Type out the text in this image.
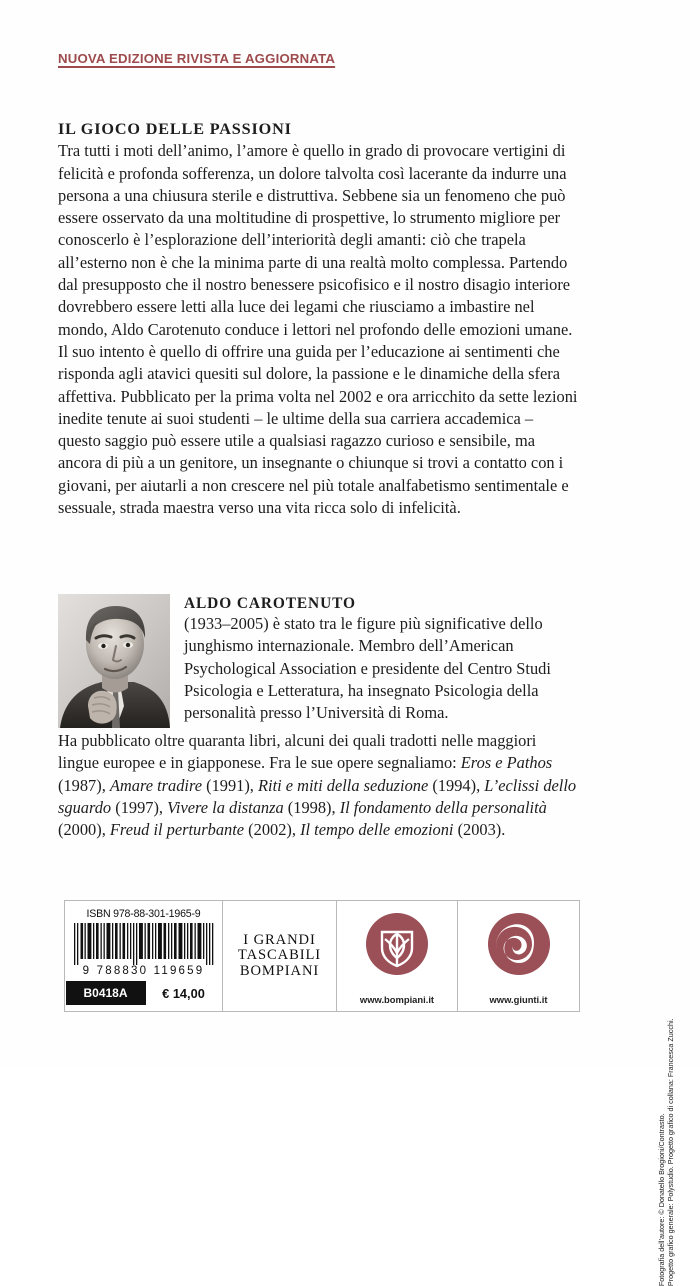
NUOVA EDIZIONE RIVISTA E AGGIORNATA
IL GIOCO DELLE PASSIONI
Tra tutti i moti dell’animo, l’amore è quello in grado di provocare vertigini di felicità e profonda sofferenza, un dolore talvolta così lacerante da indurre una persona a una chiusura sterile e distruttiva. Sebbene sia un fenomeno che può essere osservato da una moltitudine di prospettive, lo strumento migliore per conoscerlo è l’esplorazione dell’interiorità degli amanti: ciò che trapela all’esterno non è che la minima parte di una realtà molto complessa. Partendo dal presupposto che il nostro benessere psicofisico e il nostro disagio interiore dovrebbero essere letti alla luce dei legami che riusciamo a imbastire nel mondo, Aldo Carotenuto conduce i lettori nel profondo delle emozioni umane. Il suo intento è quello di offrire una guida per l’educazione ai sentimenti che risponda agli atavici quesiti sul dolore, la passione e le dinamiche della sfera affettiva. Pubblicato per la prima volta nel 2002 e ora arricchito da sette lezioni inedite tenute ai suoi studenti – le ultime della sua carriera accademica – questo saggio può essere utile a qualsiasi ragazzo curioso e sensibile, ma ancora di più a un genitore, un insegnante o chiunque si trovi a contatto con i giovani, per aiutarli a non crescere nel più totale analfabetismo sentimentale e sessuale, strada maestra verso una vita ricca solo di infelicità.
ALDO CAROTENUTO
(1933–2005) è stato tra le figure più significative dello junghismo internazionale. Membro dell’American Psychological Association e presidente del Centro Studi Psicologia e Letteratura, ha insegnato Psicologia della personalità presso l’Università di Roma.
Ha pubblicato oltre quaranta libri, alcuni dei quali tradotti nelle maggiori lingue europee e in giapponese. Fra le sue opere segnaliamo: Eros e Pathos (1987), Amare tradire (1991), Riti e miti della seduzione (1994), L’eclissi dello sguardo (1997), Vivere la distanza (1998), Il fondamento della personalità (2000), Freud il perturbante (2002), Il tempo delle emozioni (2003).
ISBN 978-88-301-1965-9
9 788830 119659
B0418A	€ 14,00
I GRANDI
TASCABILI
BOMPIANI
www.bompiani.it	www.giunti.it
Fotografia dell’autore: © Donatello Brogioni/Contrasto. Progetto grafico generale: Polystudio. Progetto grafico di collana: Francesca Zucchi.
